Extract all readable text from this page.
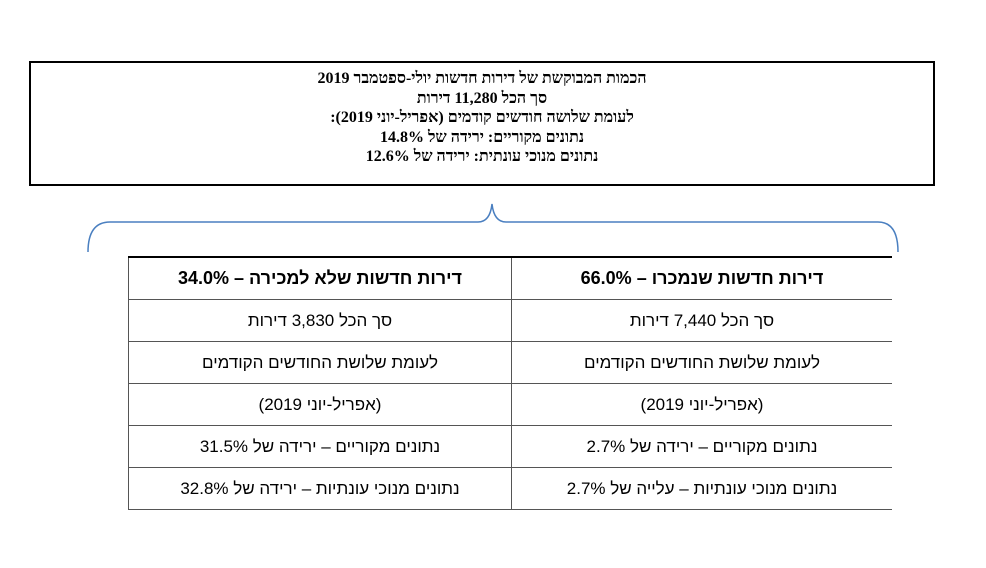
הכמות המבוקשת של דירות חדשות יולי-ספטמבר 2019
סך הכל 11,280 דירות
לעומת שלושה חודשים קודמים (אפריל-יוני 2019):
נתונים מקוריים: ירידה של 14.8%
נתונים מנוכי עונתית: ירידה של 12.6%
דירות חדשות שנמכרו – 66.0%	דירות חדשות שלא למכירה – 34.0%
סך הכל 7,440 דירות	סך הכל 3,830 דירות
לעומת שלושת החודשים הקודמים	לעומת שלושת החודשים הקודמים
(אפריל-יוני 2019)	(אפריל-יוני 2019)
נתונים מקוריים – ירידה של 2.7%	נתונים מקוריים – ירידה של 31.5%
נתונים מנוכי עונתיות – עלייה של 2.7%	נתונים מנוכי עונתיות – ירידה של 32.8%
